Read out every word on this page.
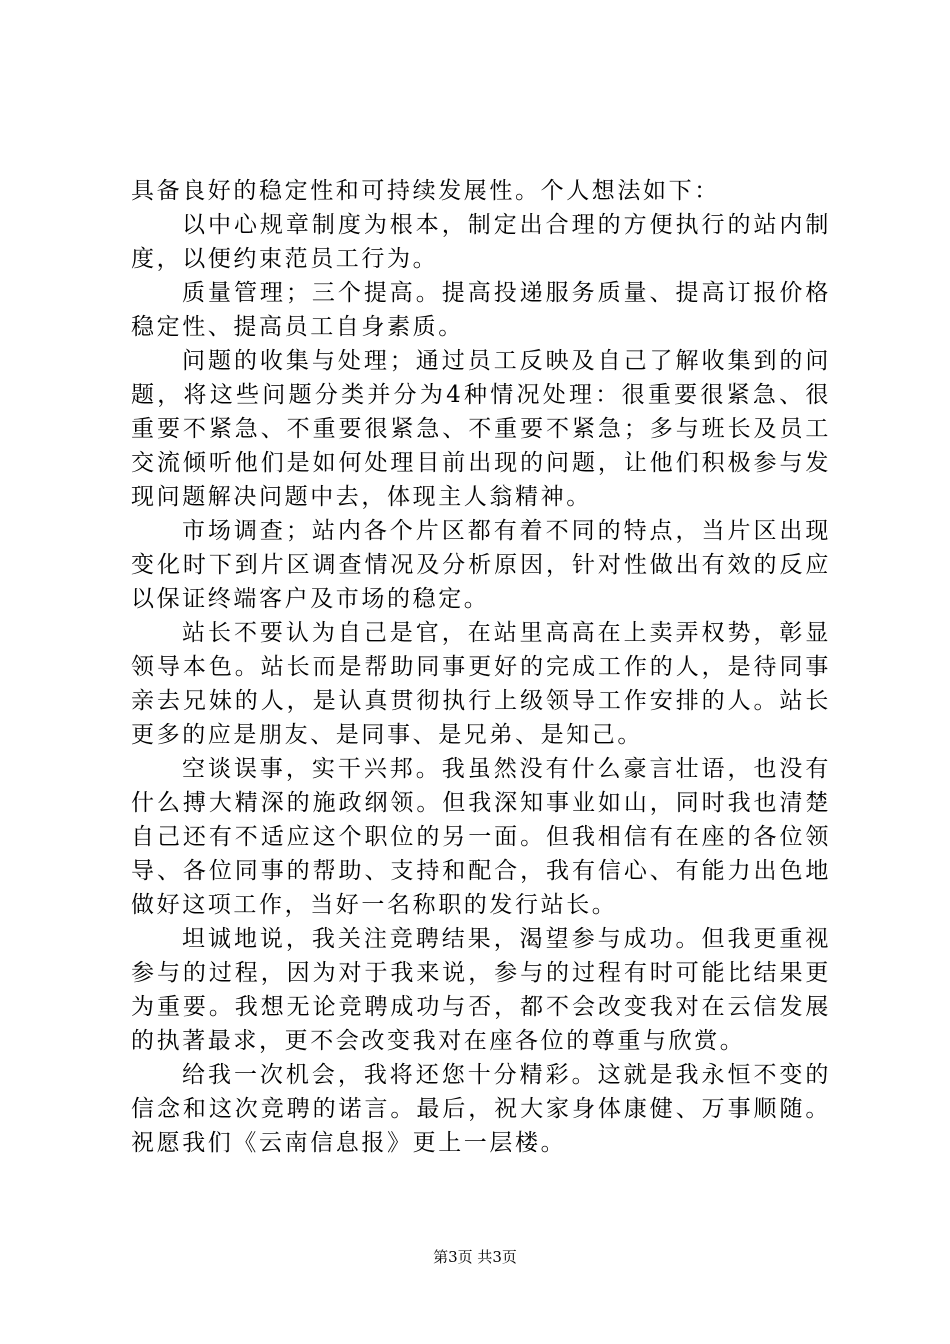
具备良好的稳定性和可持续发展性。个人想法如下：

以中心规章制度为根本，制定出合理的方便执行的站内制度，以便约束范员工行为。

质量管理；三个提高。提高投递服务质量、提高订报价格稳定性、提高员工自身素质。

问题的收集与处理；通过员工反映及自己了解收集到的问题，将这些问题分类并分为4种情况处理：很重要很紧急、很重要不紧急、不重要很紧急、不重要不紧急；多与班长及员工交流倾听他们是如何处理目前出现的问题，让他们积极参与发现问题解决问题中去，体现主人翁精神。

市场调查；站内各个片区都有着不同的特点，当片区出现变化时下到片区调查情况及分析原因，针对性做出有效的反应以保证终端客户及市场的稳定。

站长不要认为自己是官，在站里高高在上卖弄权势，彰显领导本色。站长而是帮助同事更好的完成工作的人，是待同事亲去兄妹的人，是认真贯彻执行上级领导工作安排的人。站长更多的应是朋友、是同事、是兄弟、是知己。

空谈误事，实干兴邦。我虽然没有什么豪言壮语，也没有什么搏大精深的施政纲领。但我深知事业如山，同时我也清楚自己还有不适应这个职位的另一面。但我相信有在座的各位领导、各位同事的帮助、支持和配合，我有信心、有能力出色地做好这项工作，当好一名称职的发行站长。

坦诚地说，我关注竞聘结果，渴望参与成功。但我更重视参与的过程，因为对于我来说，参与的过程有时可能比结果更为重要。我想无论竞聘成功与否，都不会改变我对在云信发展的执著最求，更不会改变我对在座各位的尊重与欣赏。

给我一次机会，我将还您十分精彩。这就是我永恒不变的信念和这次竞聘的诺言。最后，祝大家身体康健、万事顺随。祝愿我们《云南信息报》更上一层楼。

第3页 共3页
